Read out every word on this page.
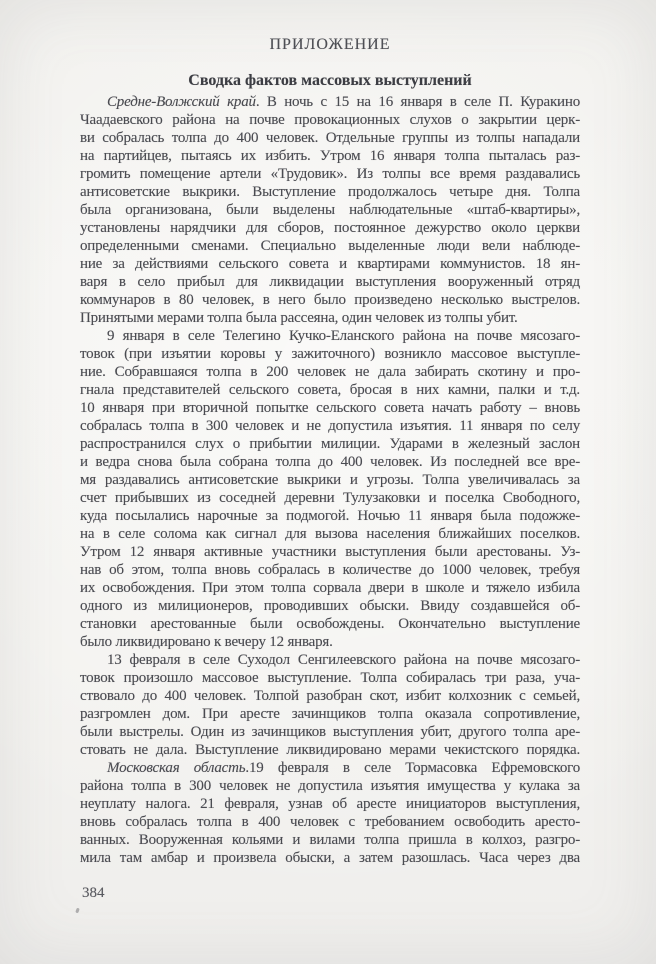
ПРИЛОЖЕНИЕ
Сводка фактов массовых выступлений
Средне-Волжский край. В ночь с 15 на 16 января в селе П. Куракино
Чаадаевского района на почве провокационных слухов о закрытии церк-
ви собралась толпа до 400 человек. Отдельные группы из толпы нападали
на партийцев, пытаясь их избить. Утром 16 января толпа пыталась раз-
громить помещение артели «Трудовик». Из толпы все время раздавались
антисоветские выкрики. Выступление продолжалось четыре дня. Толпа
была организована, были выделены наблюдательные «штаб-квартиры»,
установлены нарядчики для сборов, постоянное дежурство около церкви
определенными сменами. Специально выделенные люди вели наблюде-
ние за действиями сельского совета и квартирами коммунистов. 18 ян-
варя в село прибыл для ликвидации выступления вооруженный отряд
коммунаров в 80 человек, в него было произведено несколько выстрелов.
Принятыми мерами толпа была рассеяна, один человек из толпы убит.
9 января в селе Телегино Кучко-Еланского района на почве мясозаго-
товок (при изъятии коровы у зажиточного) возникло массовое выступле-
ние. Собравшаяся толпа в 200 человек не дала забирать скотину и про-
гнала представителей сельского совета, бросая в них камни, палки и т.д.
10 января при вторичной попытке сельского совета начать работу – вновь
собралась толпа в 300 человек и не допустила изъятия. 11 января по селу
распространился слух о прибытии милиции. Ударами в железный заслон
и ведра снова была собрана толпа до 400 человек. Из последней все вре-
мя раздавались антисоветские выкрики и угрозы. Толпа увеличивалась за
счет прибывших из соседней деревни Тулузаковки и поселка Свободного,
куда посылались нарочные за подмогой. Ночью 11 января была подожже-
на в селе солома как сигнал для вызова населения ближайших поселков.
Утром 12 января активные участники выступления были арестованы. Уз-
нав об этом, толпа вновь собралась в количестве до 1000 человек, требуя
их освобождения. При этом толпа сорвала двери в школе и тяжело избила
одного из милиционеров, проводивших обыски. Ввиду создавшейся об-
становки арестованные были освобождены. Окончательно выступление
было ликвидировано к вечеру 12 января.
13 февраля в селе Суходол Сенгилеевского района на почве мясозаго-
товок произошло массовое выступление. Толпа собиралась три раза, уча-
ствовало до 400 человек. Толпой разобран скот, избит колхозник с семьей,
разгромлен дом. При аресте зачинщиков толпа оказала сопротивление,
были выстрелы. Один из зачинщиков выступления убит, другого толпа аре-
стовать не дала. Выступление ликвидировано мерами чекистского порядка.
Московская область.19 февраля в селе Тормасовка Ефремовского
района толпа в 300 человек не допустила изъятия имущества у кулака за
неуплату налога. 21 февраля, узнав об аресте инициаторов выступления,
вновь собралась толпа в 400 человек с требованием освободить аресто-
ванных. Вооруженная кольями и вилами толпа пришла в колхоз, разгро-
мила там амбар и произвела обыски, а затем разошлась. Часа через два
384
